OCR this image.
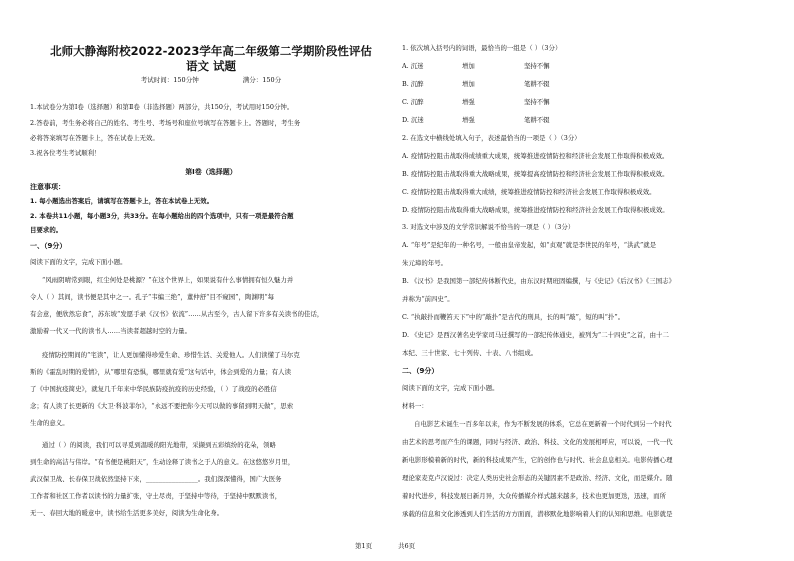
北师大静海附校2022-2023学年高二年级第二学期阶段性评估

语文 试题

考试时间：150分钟	满分：150分

1.本试卷分为第Ⅰ卷（选择题）和第Ⅱ卷（非选择题）两部分，共150分，考试用时150分钟。

2.答卷前，考生务必将自己的姓名、考生号、考场号和座位号填写在答题卡上。答题时，考生务

必将答案填写在答题卡上，答在试卷上无效。

3.祝各位考生考试顺利！

第Ⅰ卷（选择题）
注意事项：

1. 每小题选出答案后，请填写在答题卡上，答在本试卷上无效。

2. 本卷共11小题，每小题3分，共33分。在每小题给出的四个选项中，只有一项是最符合题

目要求的。

一、（9分）

阅读下面的文字，完成下面小题。

“风雨阴晴常到眼，红尘何处是桃源？”在这个世界上，如果说有什么事情拥有恒久魅力并

令人（ ）其间，读书便是其中之一。孔子“韦编三绝”，董仲舒“目不窥园”，陶渊明“每

有会意，便欣然忘食”，苏东坡“发愿手录《汉书》依流”……从古至今，古人留下许多有关读书的佳话，

激励着一代又一代的读书人……当读者超越时空的力量。

疫情防控期间的“宅读”，让人更加懂得珍爱生命、珍惜生活、关爱他人。人们读懂了马尔克

斯的《霍乱时期的爱情》，从“哪里有恐惧，哪里就有爱”这句话中，体会到爱的力量；有人读

了《中国抗疫简史》，就复几千年来中华民族防疫抗疫的历史经验，（ ）了战疫的必胜信

念；有人读了长更新的《大卫·科波菲尔》，“永远不要把你今天可以做的事留到明天做”，思索

生命的意义。

通过（ ）的阅读，我们可以寻觅到温暖的阳光地带，采撷到五彩缤纷的花朵，领略

到生命的高洁与伟岸。“有书便是桃阳天”，生动诠释了读书之于人的意义。在这悠悠岁月里，

武汉保卫战、长春保卫战依然坚持下来，________________。我们深深懂得，国广大医务

工作者和社区工作者以读书的力量扩张，守土尽责，于坚持中等待，于坚持中默默读书，

无一、春回大地的暖意中，读书给生活更多美好，阅读为生命化身。

1. 依次填入括号内的词语，最恰当的一组是（ ）（3分）

A. 沉迷	增加	坚持不懈
B. 沉醉	增加	笔耕不辍
C. 沉醉	增强	坚持不懈
D. 沉迷	增强	笔耕不辍

2. 在选文中横线处填入句子，表述最恰当的一项是（ ）（3分）

A. 疫情防控阻击战取得成绩重大成果，统筹推进疫情防控和经济社会发展工作取得积极成效。

B. 疫情防控阻击战取得重大战略成果，统筹提高疫情防控和经济社会发展工作取得积极成效。

C. 疫情防控阻击战取得重大成绩，统筹推进疫情防控和经济社会发展工作取得积极成效。

D. 疫情防控阻击战取得重大战略成果，统筹推进疫情防控和经济社会发展工作取得积极成效。

3. 对选文中涉及的文学常识解说不恰当的一项是（ ）（3分）

A. “年号”是纪年的一种名号，一般由皇帝发起，如“贞观”就是李世民的年号，“洪武”就是

朱元璋的年号。

B. 《汉书》是我国第一部纪传体断代史，由东汉时期班固编撰，与《史记》《后汉书》《三国志》

并称为“前四史”。

C. “执敲扑而鞭笞天下”中的“敲扑”是古代的刑具，长的叫“敲”，短的叫“扑”。

D. 《史记》是西汉著名史学家司马迁撰写的一部纪传体通史，被列为“二十四史”之首，由十二

本纪、三十世家、七十列传、十表、八书组成。

二、（9分）

阅读下面的文字，完成下面小题。

材料一：

自电影艺术诞生一百多年以来，作为不断发展的体系，它总在更新着一个时代到另一个时代

由艺术的思考而产生的课题，同时与经济、政治、科技、文化的发展相呼应，可以说，一代一代

新电影形模着新的时代，新的科技成果产生，它的创作也与时代、社会息息相关。电影传播心理

理论家麦克卢汉说过：决定人类历史社会形态的关键因素不是政治、经济、文化，而是媒介。随

着时代进步，科技发展日新月异，大众传播媒介样式越来越多，技术也更加更迭，迅速，而所

承载的信息和文化渗透到人们生活的方方面面，潜移默化地影响着人们的认知和思维。电影就是

第1页	共6页
